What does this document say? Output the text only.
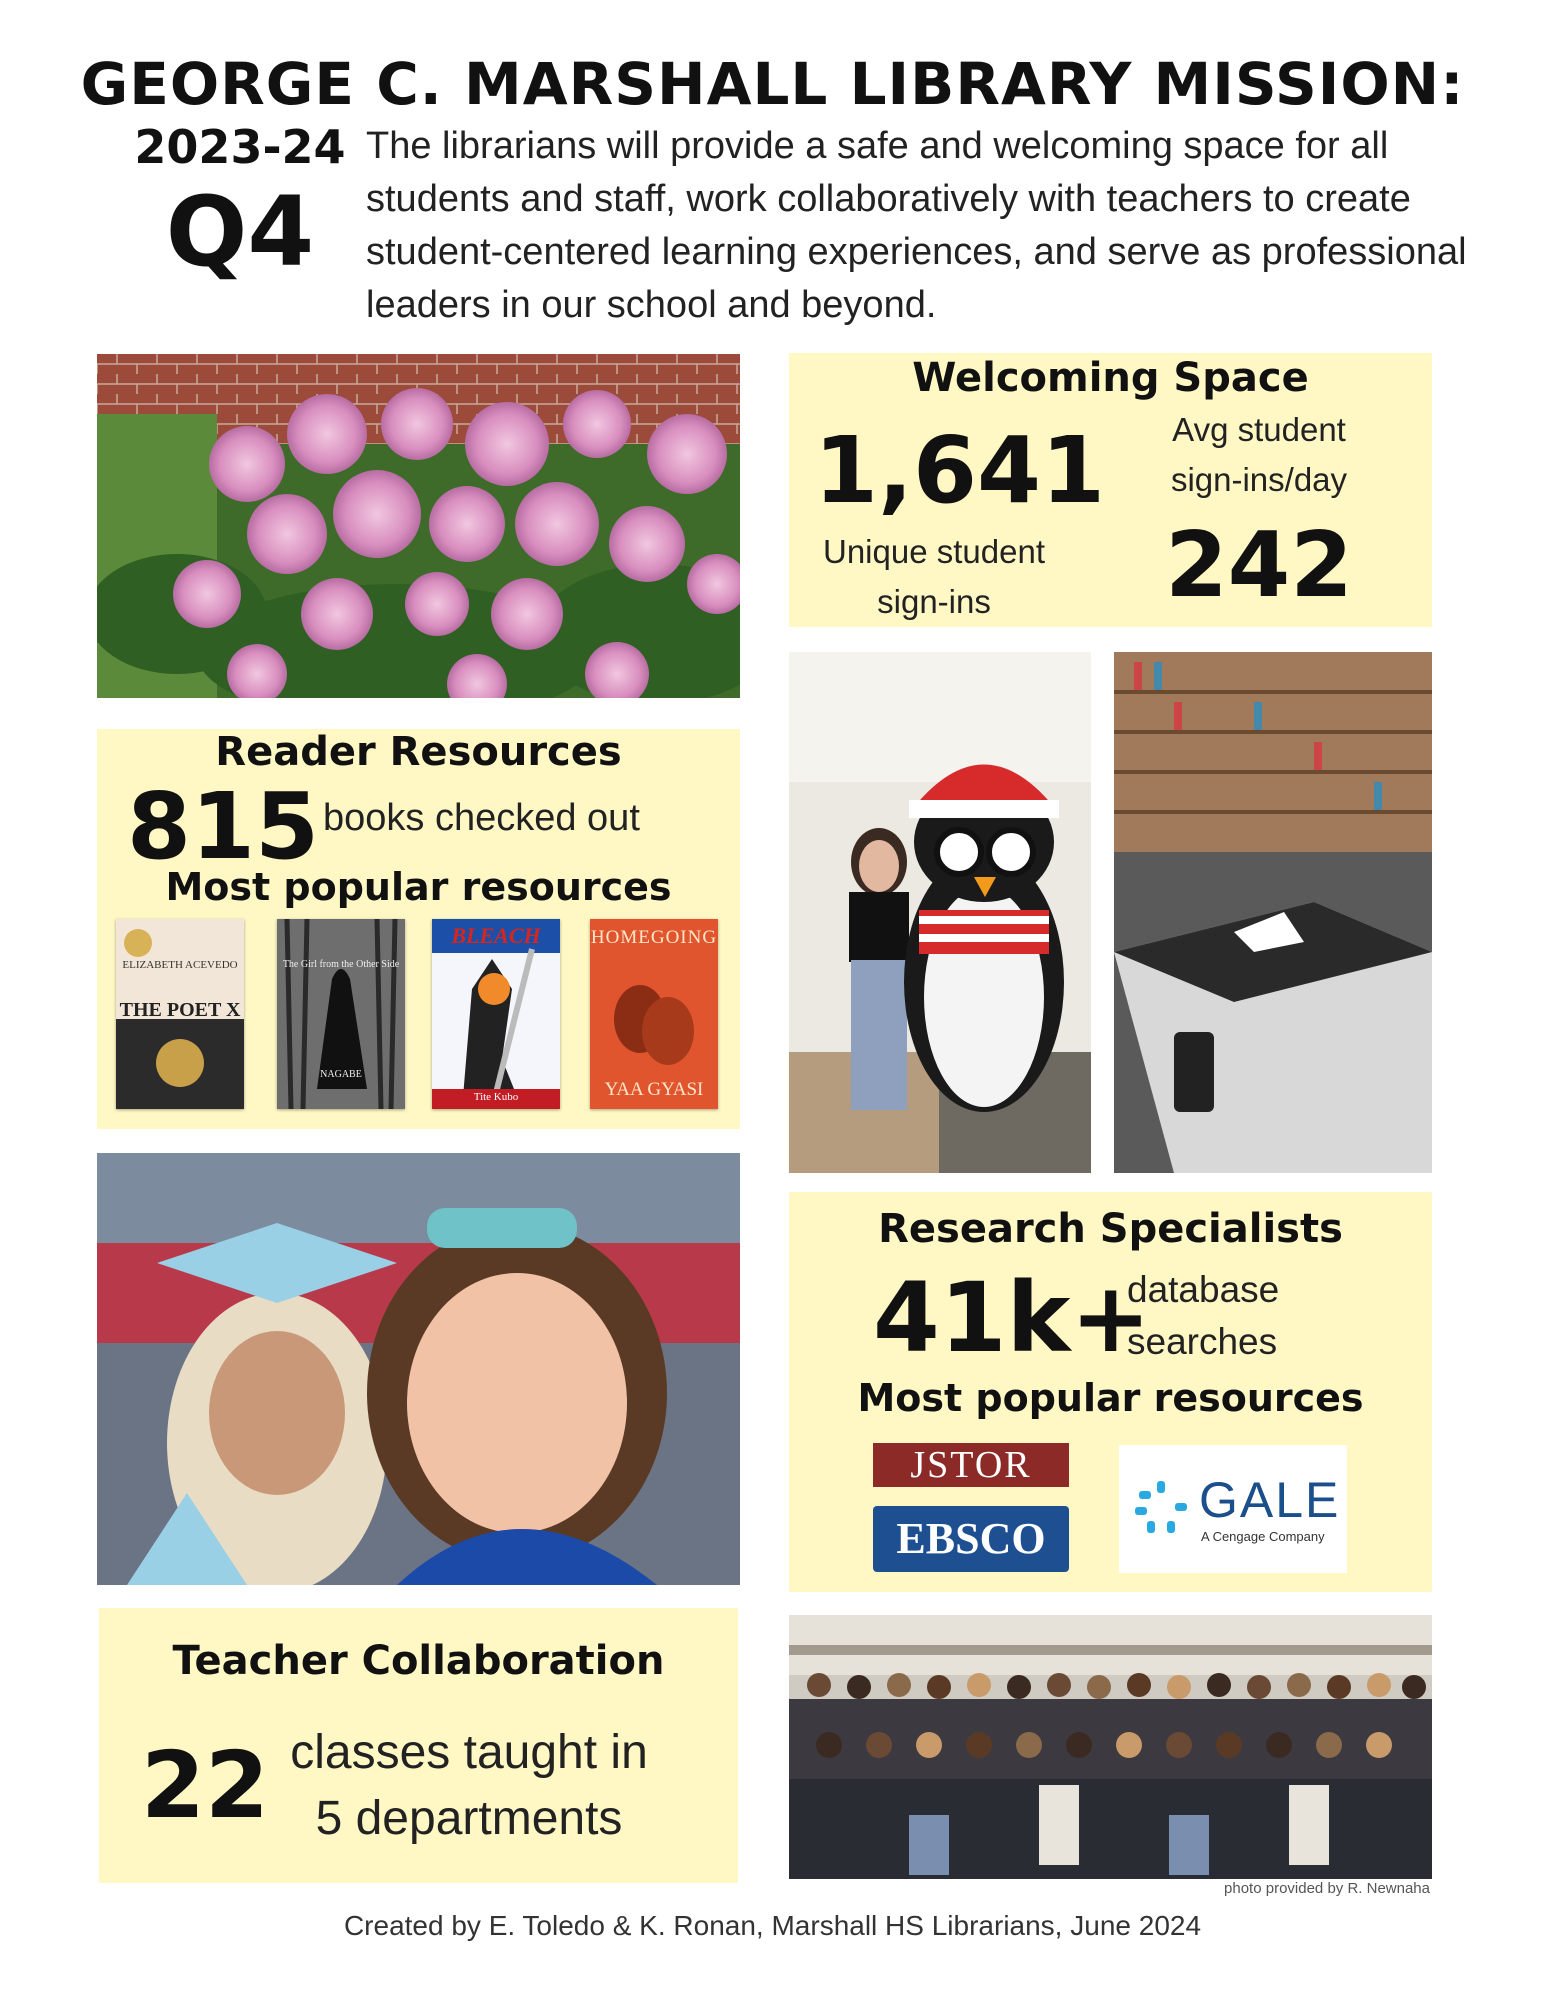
GEORGE C. MARSHALL LIBRARY MISSION:
2023-24
Q4
The librarians will provide a safe and welcoming space for all students and staff, work collaboratively with teachers to create student-centered learning experiences, and serve as professional leaders in our school and beyond.
Welcoming Space
1,641
Unique student sign-ins
Avg student sign-ins/day
242
Reader Resources
815 books checked out
Most popular resources
ELIZABETH ACEVEDO
THE POET X
The Girl from the Other Side
NAGABE
BLEACH
Tite Kubo
HOMEGOING
YAA GYASI
Research Specialists
41k+
database searches
Most popular resources
JSTOR
EBSCO
GALE
A Cengage Company
Teacher Collaboration
22 classes taught in
5 departments
photo provided by R. Newnaha
Created by E. Toledo & K. Ronan, Marshall HS Librarians, June 2024
